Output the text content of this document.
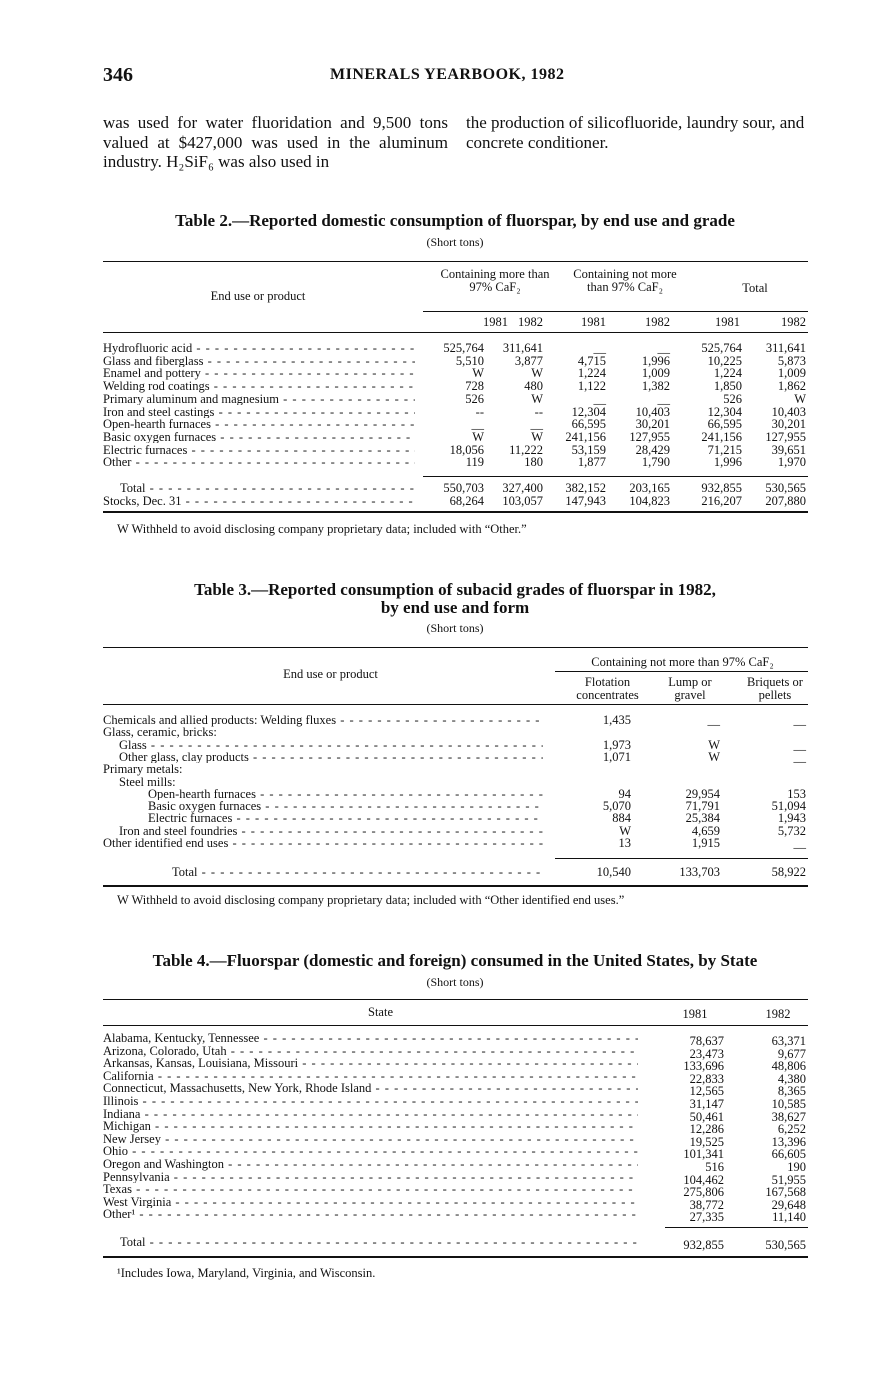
346	MINERALS YEARBOOK, 1982
was used for water fluoridation and 9,500 tons valued at $427,000 was used in the aluminum industry. H₂SiF₆ was also used in
the production of silicofluoride, laundry sour, and concrete conditioner.
Table 2.—Reported domestic consumption of fluorspar, by end use and grade
(Short tons)
End use or product
Containing more than 97% CaF₂
Containing not more than 97% CaF₂	Total
1981 1982	1981	1982	1981	1982
Hydrofluoric acid - - -	525,764	311,641	__	__	525,764	311,641
Glass and fiberglass - - -	5,510	3,877	4,715	1,996	10,225	5,873
Enamel and pottery - - -	W	W	1,224	1,009	1,224	1,009
Welding rod coatings - - -	728	480	1,122	1,382	1,850	1,862
Primary aluminum and magnesium - - -	526	W	__	__	526	W
Iron and steel castings - - -	--	--	12,304	10,403	12,304	10,403
Open-hearth furnaces - - -	__	__	66,595	30,201	66,595	30,201
Basic oxygen furnaces - - -	W	W	241,156	127,955	241,156	127,955
Electric furnaces - - -	18,056	11,222	53,159	28,429	71,215	39,651
Other - - -	119	180	1,877	1,790	1,996	1,970
Total - - -	550,703	327,400	382,152	203,165	932,855	530,565
Stocks, Dec. 31 - - -	68,264	103,057	147,943	104,823	216,207	207,880
W Withheld to avoid disclosing company proprietary data; included with “Other.”
Table 3.—Reported consumption of subacid grades of fluorspar in 1982,
by end use and form
(Short tons)
End use or product
Containing not more than 97% CaF₂
Flotation concentrates
Lump or gravel
Briquets or pellets
Chemicals and allied products: Welding fluxes - - -	1,435	__	__
Glass, ceramic, bricks:
Glass - - -	1,973	W	__
Other glass, clay products - - -	1,071	W	__
Primary metals:
Steel mills:
Open-hearth furnaces - - -	94	29,954	153
Basic oxygen furnaces - - -	5,070	71,791	51,094
Electric furnaces - - -	884	25,384	1,943
Iron and steel foundries - - -	W	4,659	5,732
Other identified end uses - - -	13	1,915	__
Total - - -	10,540	133,703	58,922
W Withheld to avoid disclosing company proprietary data; included with “Other identified end uses.”
Table 4.—Fluorspar (domestic and foreign) consumed in the United States, by State
(Short tons)
State	1981	1982
Alabama, Kentucky, Tennessee - - -	78,637	63,371
Arizona, Colorado, Utah - - -	23,473	9,677
Arkansas, Kansas, Louisiana, Missouri - - -	133,696	48,806
California - - -	22,833	4,380
Connecticut, Massachusetts, New York, Rhode Island - - -	12,565	8,365
Illinois - - -	31,147	10,585
Indiana - - -	50,461	38,627
Michigan - - -	12,286	6,252
New Jersey - - -	19,525	13,396
Ohio - - -	101,341	66,605
Oregon and Washington - - -	516	190
Pennsylvania - - -	104,462	51,955
Texas - - -	275,806	167,568
West Virginia - - -	38,772	29,648
Other¹ - - -	27,335	11,140
Total - - -	932,855	530,565
¹Includes Iowa, Maryland, Virginia, and Wisconsin.
